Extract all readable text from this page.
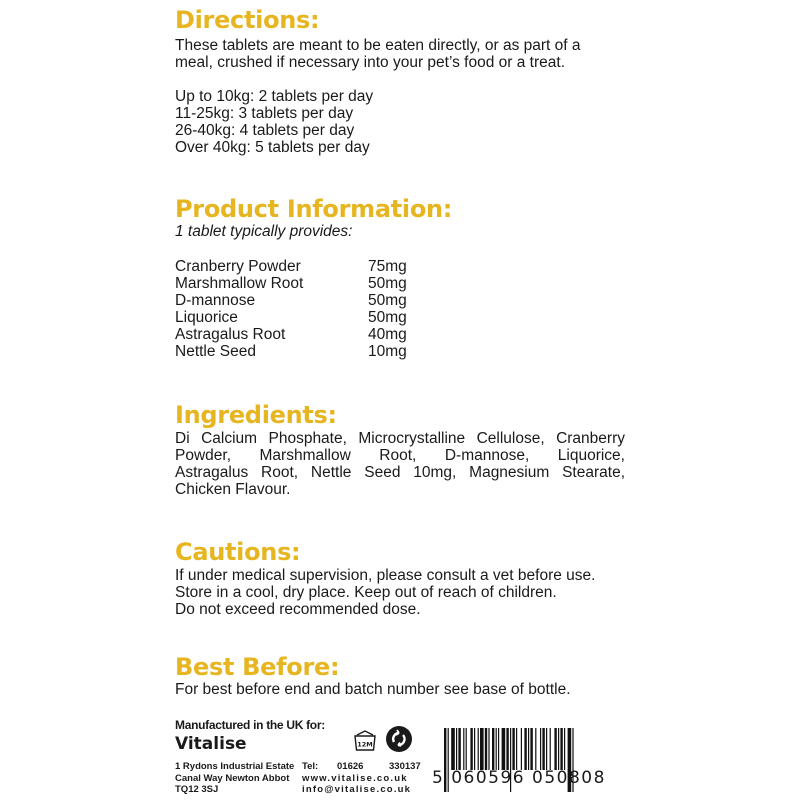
Directions:

These tablets are meant to be eaten directly, or as part of a
meal, crushed if necessary into your pet’s food or a treat.

Up to 10kg: 2 tablets per day
11-25kg: 3 tablets per day
26-40kg: 4 tablets per day
Over 40kg: 5 tablets per day

Product Information:

1 tablet typically provides:

Cranberry Powder	75mg
Marshmallow Root	50mg
D-mannose	50mg
Liquorice	50mg
Astragalus Root	40mg
Nettle Seed	10mg
Ingredients:

Di Calcium Phosphate, Microcrystalline Cellulose, Cranberry
Powder, Marshmallow Root, D-mannose, Liquorice,
Astragalus Root, Nettle Seed 10mg, Magnesium Stearate,
Chicken Flavour.

Cautions:

If under medical supervision, please consult a vet before use.
Store in a cool, dry place. Keep out of reach of children.
Do not exceed recommended dose.

Best Before:

For best before end and batch number see base of bottle.

Manufactured in the UK for:
Vitalise
1 Rydons Industrial Estate
Canal Way Newton Abbot
TQ12 3SJ
Tel:	01626	330137
www.vitalise.co.uk
info@vitalise.co.uk
12M
5 060596 050808
